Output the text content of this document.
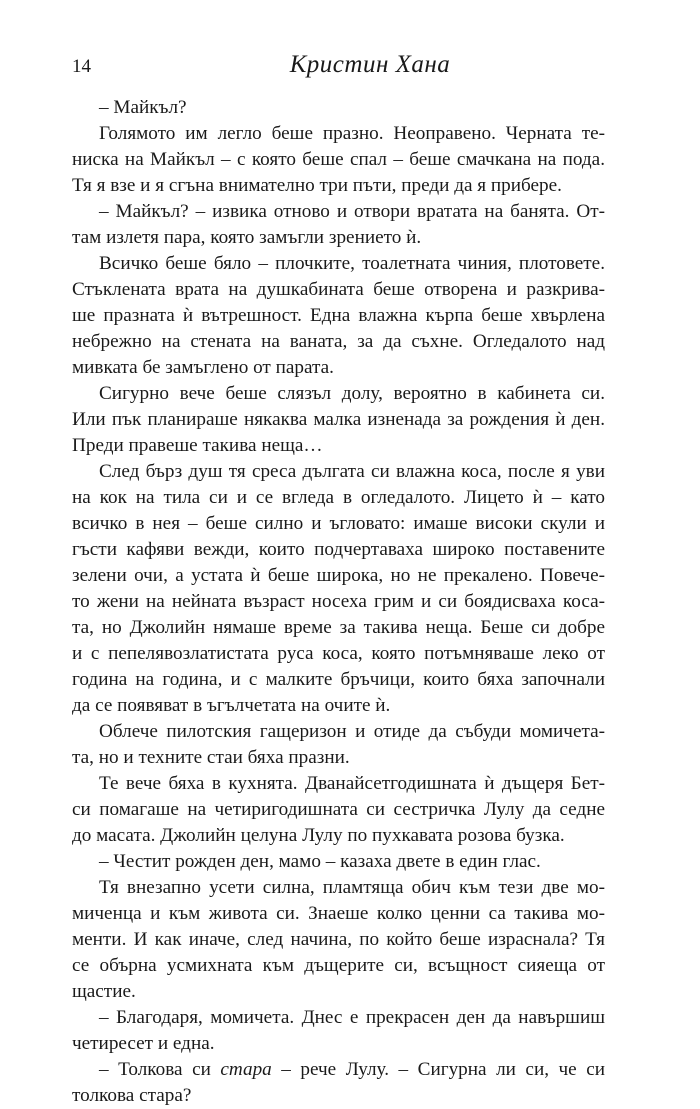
14	Кристин Хана
– Майкъл?
Голямото им легло беше празно. Неоправено. Черната те-
ниска на Майкъл – с която беше спал – беше смачкана на пода.
Тя я взе и я сгъна внимателно три пъти, преди да я прибере.
– Майкъл? – извика отново и отвори вратата на банята. От-
там излетя пара, която замъгли зрението ѝ.
Всичко беше бяло – плочките, тоалетната чиния, плотовете.
Стъклената врата на душкабината беше отворена и разкрива-
ше празната ѝ вътрешност. Една влажна кърпа беше хвърлена
небрежно на стената на ваната, за да съхне. Огледалото над
мивката бе замъглено от парата.
Сигурно вече беше слязъл долу, вероятно в кабинета си.
Или пък планираше някаква малка изненада за рождения ѝ ден.
Преди правеше такива неща…
След бърз душ тя среса дългата си влажна коса, после я уви
на кок на тила си и се вгледа в огледалото. Лицето ѝ – като
всичко в нея – беше силно и ъгловато: имаше високи скули и
гъсти кафяви вежди, които подчертаваха широко поставените
зелени очи, а устата ѝ беше широка, но не прекалено. Повече-
то жени на нейната възраст носеха грим и си боядисваха коса-
та, но Джолийн нямаше време за такива неща. Беше си добре
и с пепелявозлатистата руса коса, която потъмняваше леко от
година на година, и с малките бръчици, които бяха започнали
да се появяват в ъгълчетата на очите ѝ.
Облече пилотския гащеризон и отиде да събуди момичета-
та, но и техните стаи бяха празни.
Те вече бяха в кухнята. Дванайсетгодишната ѝ дъщеря Бет-
си помагаше на четиригодишната си сестричка Лулу да седне
до масата. Джолийн целуна Лулу по пухкавата розова бузка.
– Честит рожден ден, мамо – казаха двете в един глас.
Тя внезапно усети силна, пламтяща обич към тези две мо-
миченца и към живота си. Знаеше колко ценни са такива мо-
менти. И как иначе, след начина, по който беше израснала? Тя
се обърна усмихната към дъщерите си, всъщност сияеща от
щастие.
– Благодаря, момичета. Днес е прекрасен ден да навършиш
четиресет и една.
– Толкова си стара – рече Лулу. – Сигурна ли си, че си
толкова стара?
